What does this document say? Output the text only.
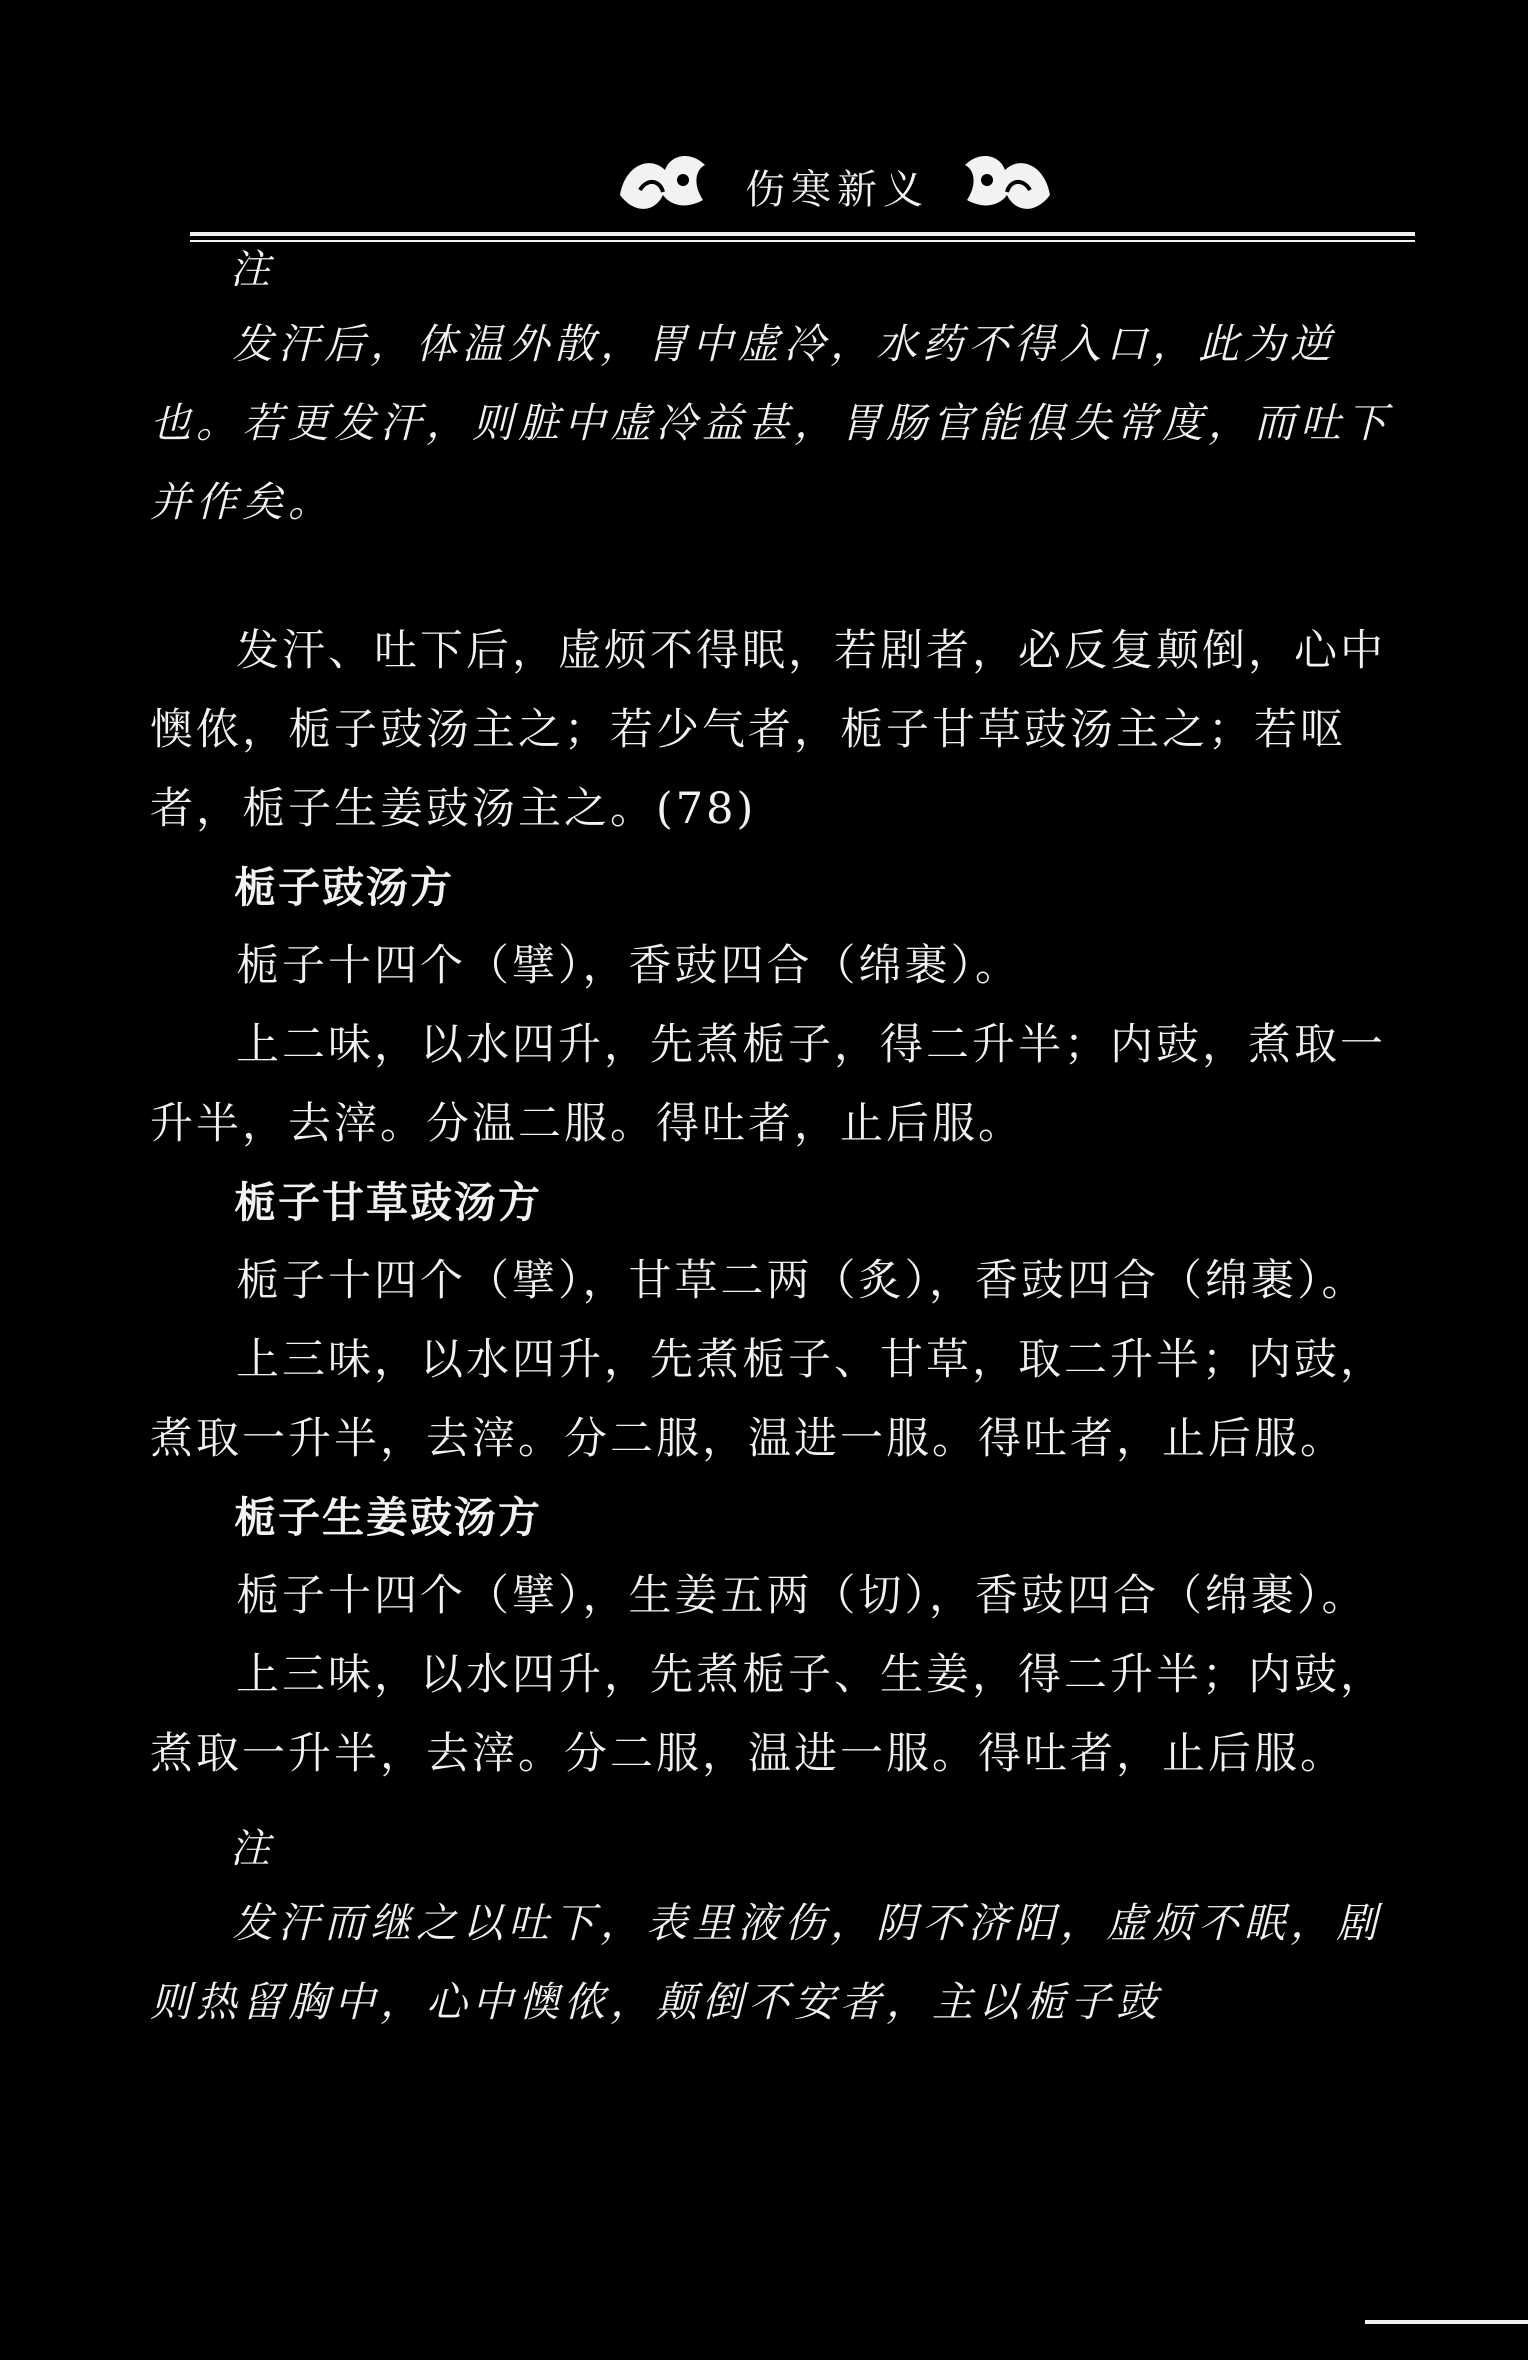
伤寒新义

注

发汗后，体温外散，胃中虚冷，水药不得入口，此为逆也。若更发汗，则脏中虚冷益甚，胃肠官能俱失常度，而吐下并作矣。

发汗、吐下后，虚烦不得眠，若剧者，必反复颠倒，心中懊侬，栀子豉汤主之；若少气者，栀子甘草豉汤主之；若呕者，栀子生姜豉汤主之。(78)

栀子豉汤方

栀子十四个（擘），香豉四合（绵裹）。

上二味，以水四升，先煮栀子，得二升半；内豉，煮取一升半，去滓。分温二服。得吐者，止后服。

栀子甘草豉汤方

栀子十四个（擘），甘草二两（炙），香豉四合（绵裹）。

上三味，以水四升，先煮栀子、甘草，取二升半；内豉，煮取一升半，去滓。分二服，温进一服。得吐者，止后服。

栀子生姜豉汤方

栀子十四个（擘），生姜五两（切），香豉四合（绵裹）。

上三味，以水四升，先煮栀子、生姜，得二升半；内豉，煮取一升半，去滓。分二服，温进一服。得吐者，止后服。

注

发汗而继之以吐下，表里液伤，阴不济阳，虚烦不眠，剧则热留胸中，心中懊侬，颠倒不安者，主以栀子豉
